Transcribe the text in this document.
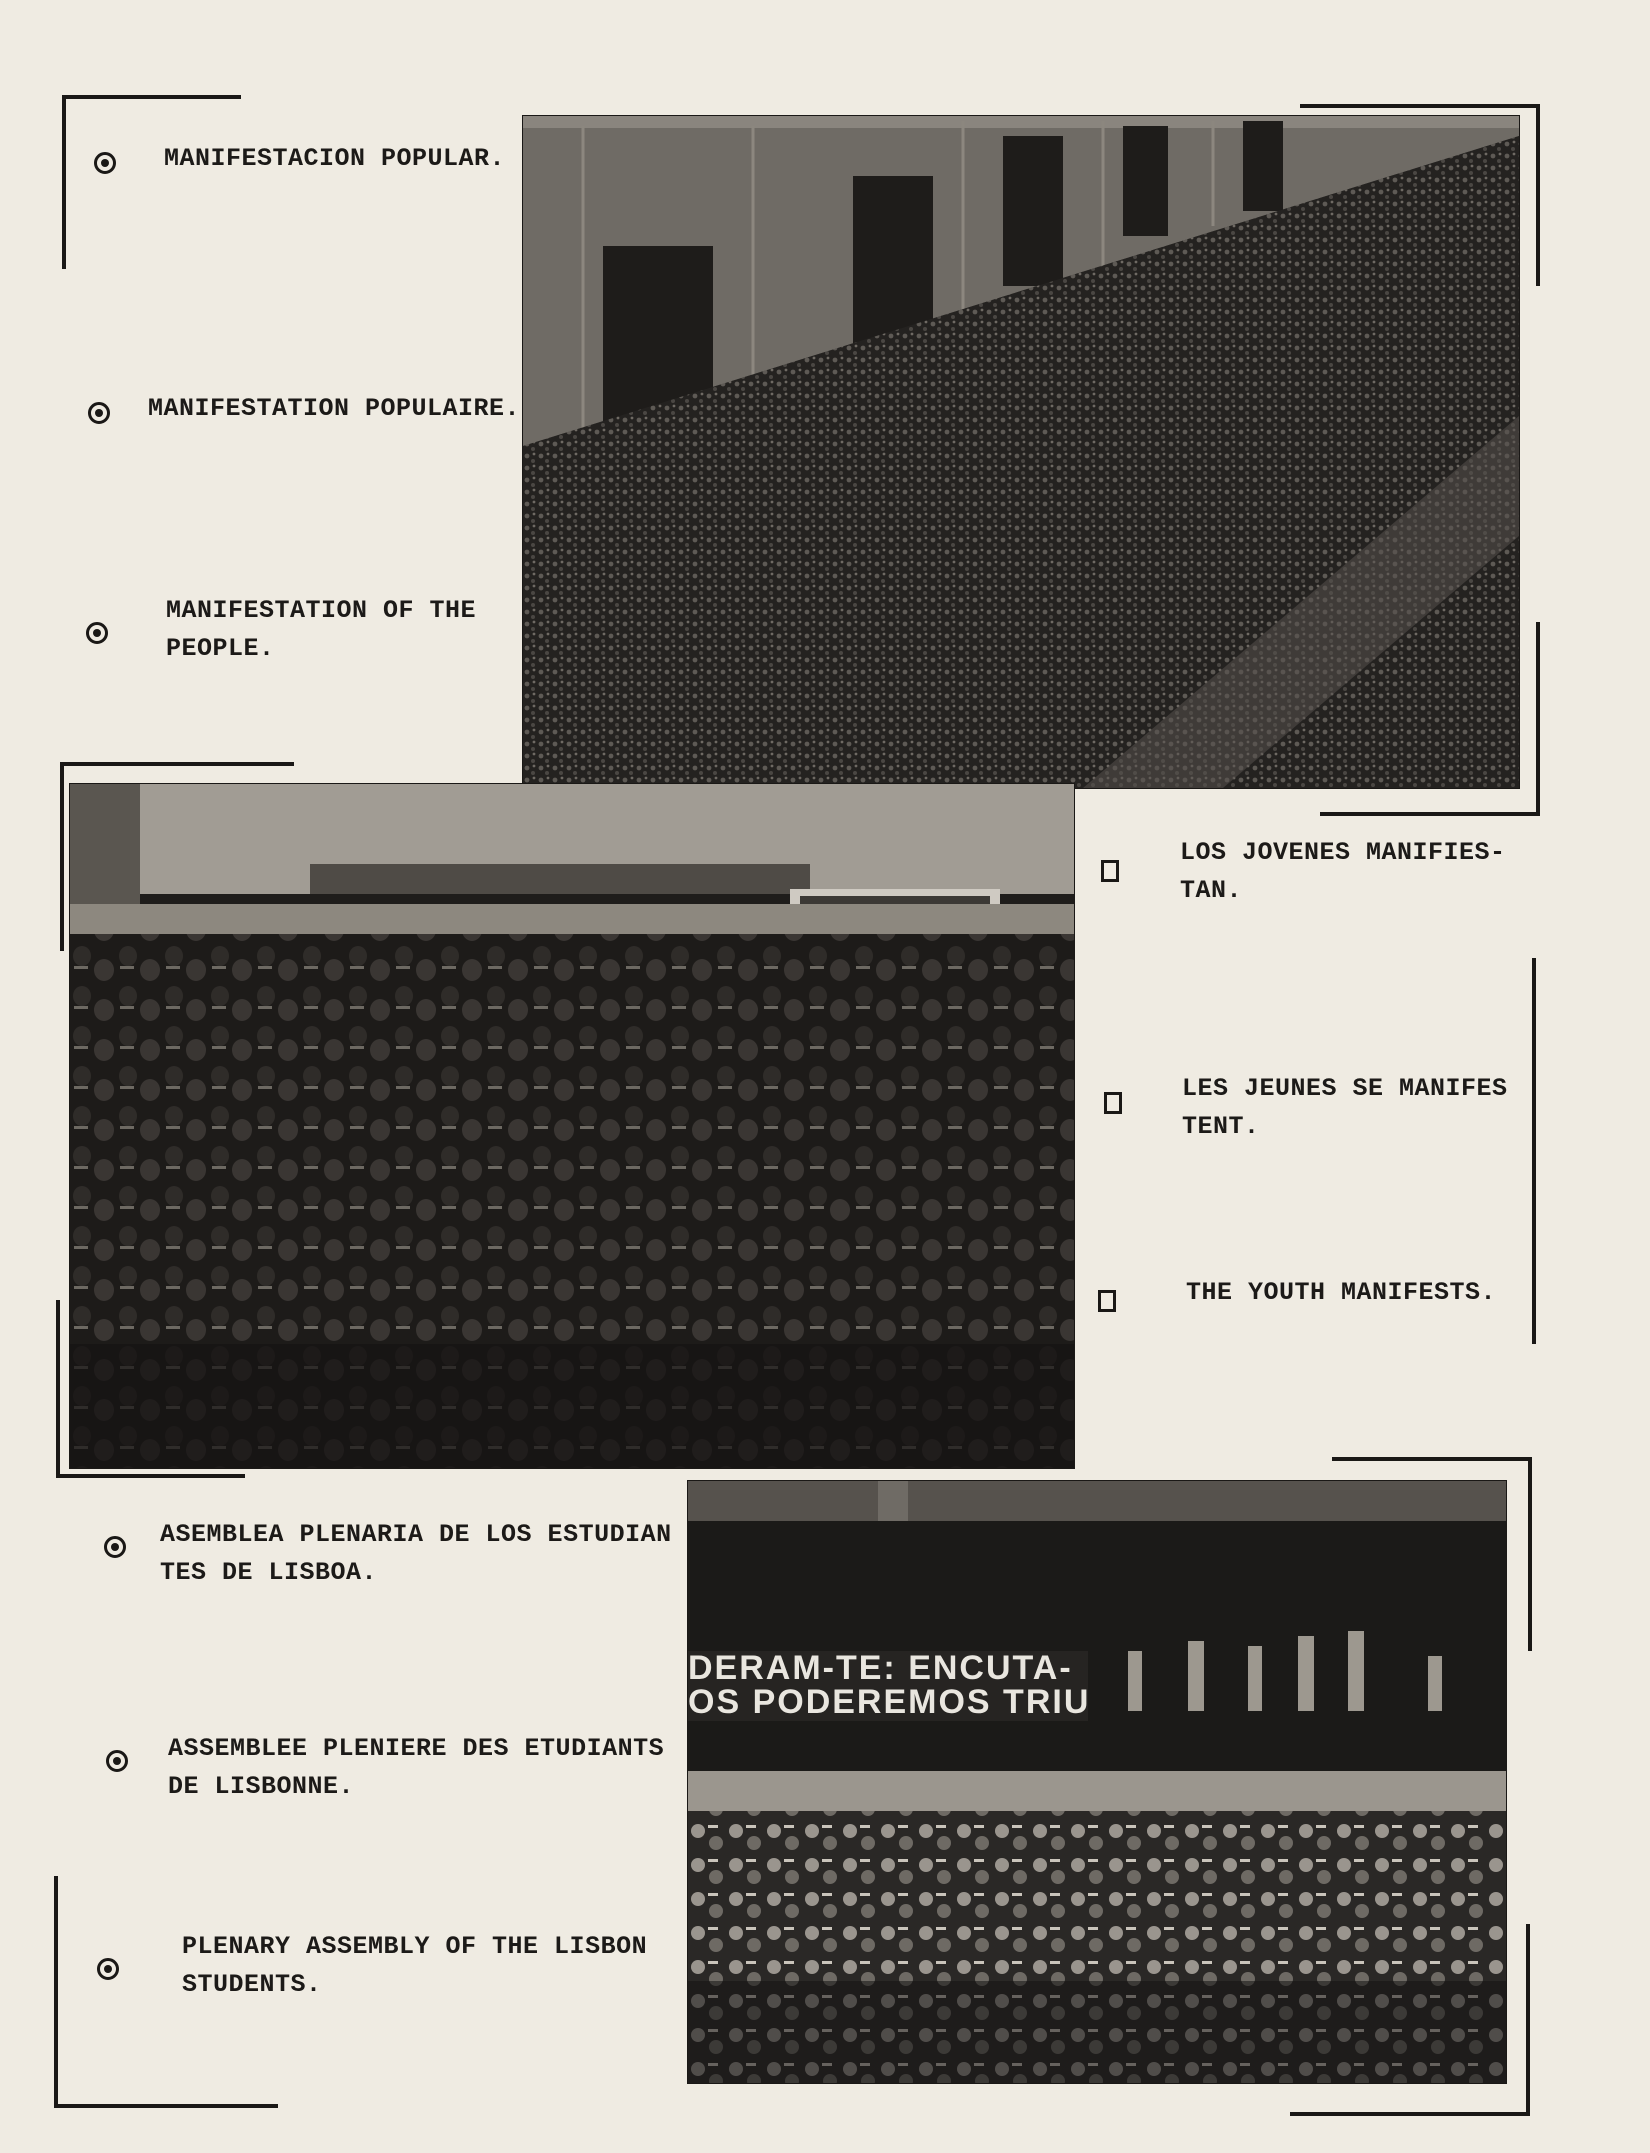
MANIFESTACION POPULAR.
MANIFESTATION POPULAIRE.
MANIFESTATION OF THE
PEOPLE.
LOS JOVENES MANIFIES-
TAN.
LES JEUNES SE MANIFES
TENT.
THE YOUTH MANIFESTS.
DERAM-TE: ENCUTA-
OS PODEREMOS TRIU
ASEMBLEA PLENARIA DE LOS ESTUDIAN
TES DE LISBOA.
ASSEMBLEE PLENIERE DES ETUDIANTS
DE LISBONNE.
PLENARY ASSEMBLY OF THE LISBON
STUDENTS.
